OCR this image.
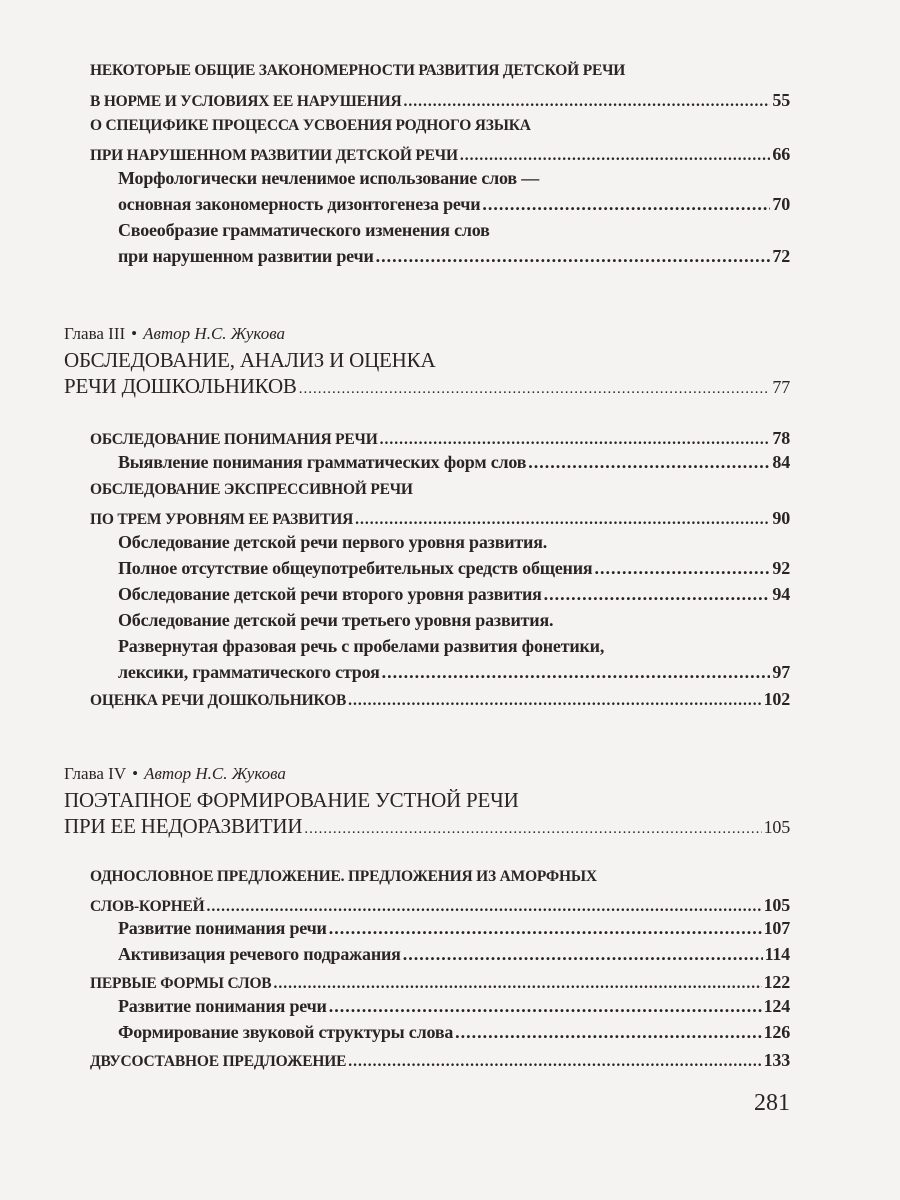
НЕКОТОРЫЕ ОБЩИЕ ЗАКОНОМЕРНОСТИ РАЗВИТИЯ ДЕТСКОЙ РЕЧИ
В НОРМЕ И УСЛОВИЯХ ЕЕ НАРУШЕНИЯ .....	55
О СПЕЦИФИКЕ ПРОЦЕССА УСВОЕНИЯ РОДНОГО ЯЗЫКА
ПРИ НАРУШЕННОМ РАЗВИТИИ ДЕТСКОЙ РЕЧИ .....	66
Морфологически нечленимое использование слов —
основная закономерность дизонтогенеза речи .....	70
Своеобразие грамматического изменения слов
при нарушенном развитии речи .....	72
Глава III • Автор Н.С. Жукова
ОБСЛЕДОВАНИЕ, АНАЛИЗ И ОЦЕНКА
РЕЧИ ДОШКОЛЬНИКОВ .....	77
ОБСЛЕДОВАНИЕ ПОНИМАНИЯ РЕЧИ .....	78
Выявление понимания грамматических форм слов .....	84
ОБСЛЕДОВАНИЕ ЭКСПРЕССИВНОЙ РЕЧИ
ПО ТРЕМ УРОВНЯМ ЕЕ РАЗВИТИЯ .....	90
Обследование детской речи первого уровня развития.
Полное отсутствие общеупотребительных средств общения .....	92
Обследование детской речи второго уровня развития .....	94
Обследование детской речи третьего уровня развития.
Развернутая фразовая речь с пробелами развития фонетики,
лексики, грамматического строя .....	97
ОЦЕНКА РЕЧИ ДОШКОЛЬНИКОВ .....	102
Глава IV • Автор Н.С. Жукова
ПОЭТАПНОЕ ФОРМИРОВАНИЕ УСТНОЙ РЕЧИ
ПРИ ЕЕ НЕДОРАЗВИТИИ .....	105
ОДНОСЛОВНОЕ ПРЕДЛОЖЕНИЕ. ПРЕДЛОЖЕНИЯ ИЗ АМОРФНЫХ
СЛОВ-КОРНЕЙ .....	105
Развитие понимания речи .....	107
Активизация речевого подражания .....	114
ПЕРВЫЕ ФОРМЫ СЛОВ .....	122
Развитие понимания речи .....	124
Формирование звуковой структуры слова .....	126
ДВУСОСТАВНОЕ ПРЕДЛОЖЕНИЕ .....	133
281
